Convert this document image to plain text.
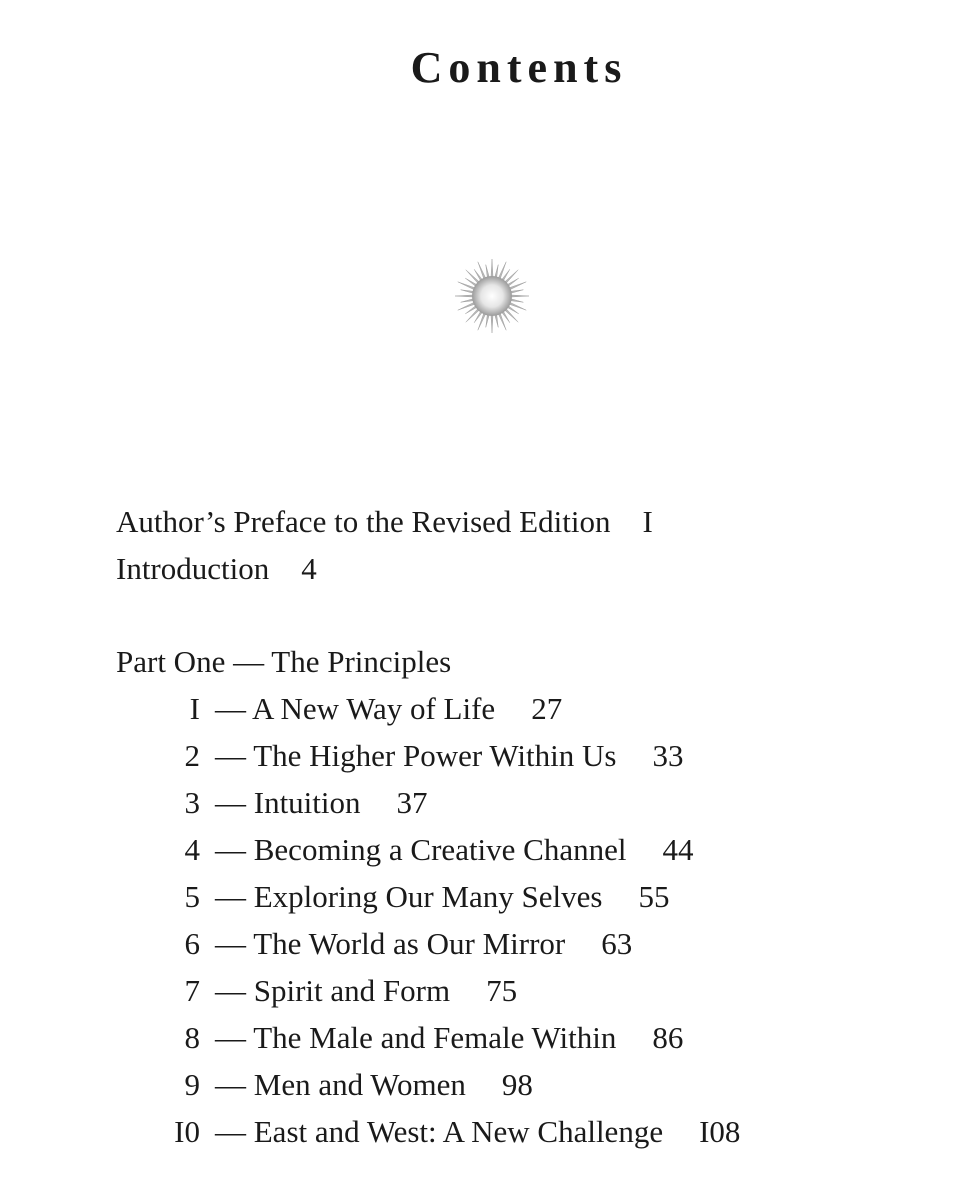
Contents
Author’s Preface to the Revised Edition I
Introduction 4
Part One — The Principles
I — A New Way of Life 27
2 — The Higher Power Within Us 33
3 — Intuition 37
4 — Becoming a Creative Channel 44
5 — Exploring Our Many Selves 55
6 — The World as Our Mirror 63
7 — Spirit and Form 75
8 — The Male and Female Within 86
9 — Men and Women 98
I0 — East and West: A New Challenge I08
